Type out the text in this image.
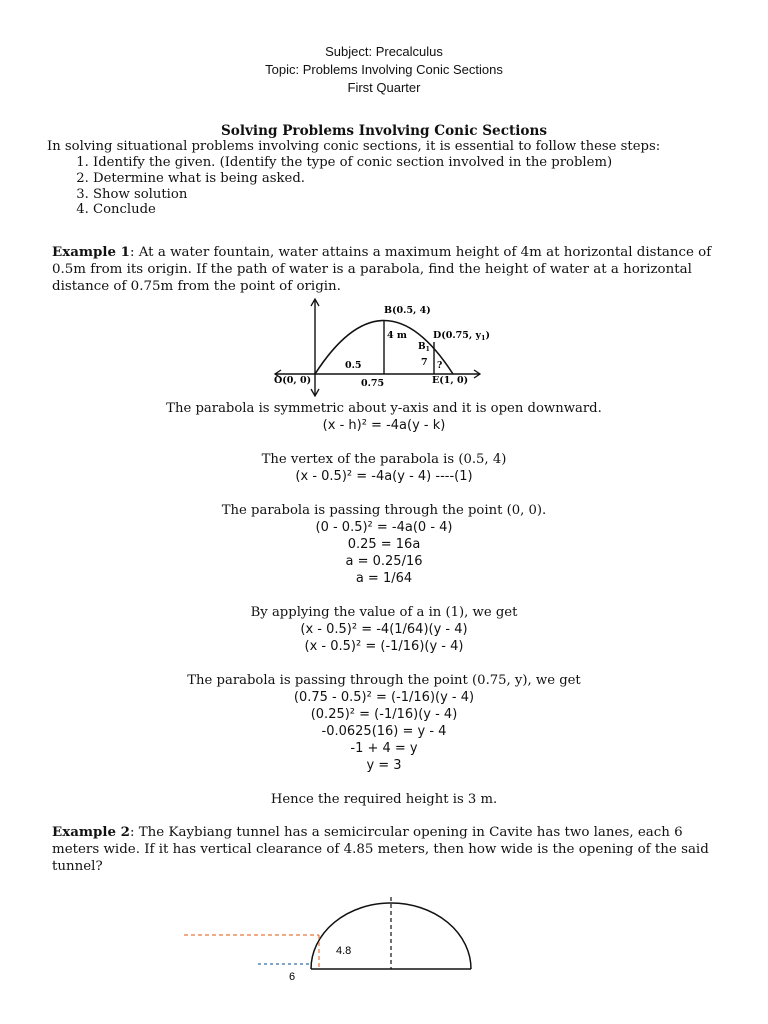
Subject: Precalculus
Topic: Problems Involving Conic Sections
First Quarter
Solving Problems Involving Conic Sections
In solving situational problems involving conic sections, it is essential to follow these steps:
1. Identify the given. (Identify the type of conic section involved in the problem)
2. Determine what is being asked.
3. Show solution
4. Conclude
Example 1: At a water fountain, water attains a maximum height of 4m at horizontal distance of 0.5m from its origin. If the path of water is a parabola, find the height of water at a horizontal distance of 0.75m from the point of origin.
B(0.5, 4)
4 m	D(0.75, $y_1$)
$B_1$
7 ?
0.5
0.75
O(0, 0)	E(1, 0)
The parabola is symmetric about y-axis and it is open downward.
(x - h)² = -4a(y - k)
The vertex of the parabola is (0.5, 4)
(x - 0.5)² = -4a(y - 4) ----(1)
The parabola is passing through the point (0, 0).
(0 - 0.5)² = -4a(0 - 4)
0.25 = 16a
a = 0.25/16
a = 1/64
By applying the value of a in (1), we get
(x - 0.5)² = -4(1/64)(y - 4)
(x - 0.5)² = (-1/16)(y - 4)
The parabola is passing through the point (0.75, y), we get
(0.75 - 0.5)² = (-1/16)(y - 4)
(0.25)² = (-1/16)(y - 4)
-0.0625(16) = y - 4
-1 + 4 = y
y = 3
Hence the required height is 3 m.
Example 2: The Kaybiang tunnel has a semicircular opening in Cavite has two lanes, each 6 meters wide. If it has vertical clearance of 4.85 meters, then how wide is the opening of the said tunnel?
4.8
6
